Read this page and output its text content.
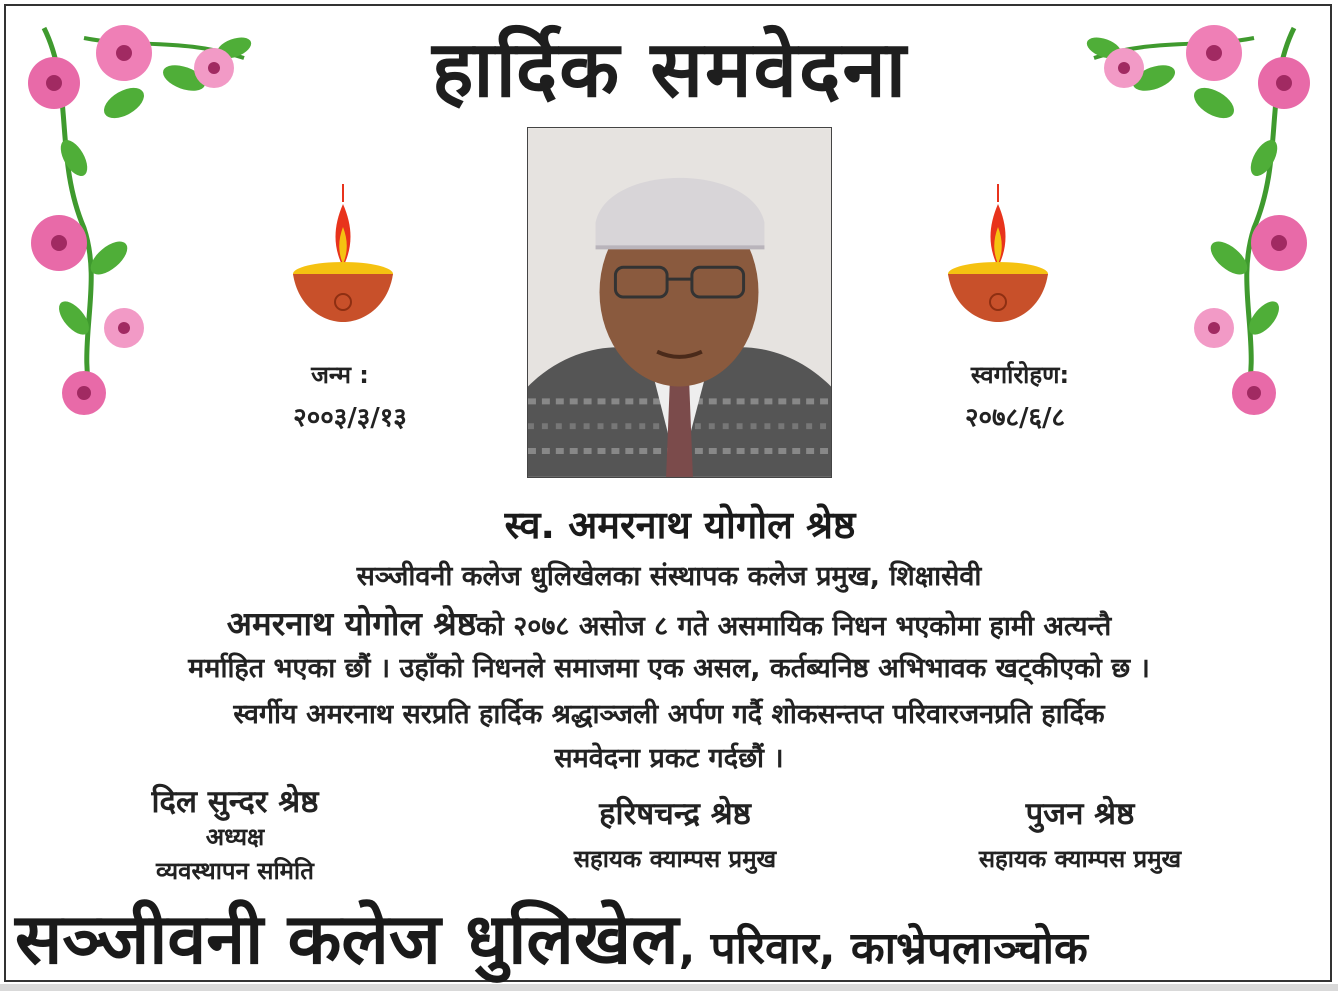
हार्दिक समवेदना
जन्म :
२००३/३/१३
स्वर्गारोहण:
२०७८/६/८
स्व. अमरनाथ योगोल श्रेष्ठ
सञ्जीवनी कलेज धुलिखेलका संस्थापक कलेज प्रमुख, शिक्षासेवी
अमरनाथ योगोल श्रेष्ठको २०७८ असोज ८ गते असमायिक निधन भएकोमा हामी अत्यन्तै
मर्माहित भएका छौं । उहाँको निधनले समाजमा एक असल, कर्तब्यनिष्ठ अभिभावक खट्कीएको छ ।
स्वर्गीय अमरनाथ सरप्रति हार्दिक श्रद्धाञ्जली अर्पण गर्दै शोकसन्तप्त परिवारजनप्रति हार्दिक
समवेदना प्रकट गर्दछौं ।
दिल सुन्दर श्रेष्ठ
अध्यक्ष
व्यवस्थापन समिति
हरिषचन्द्र श्रेष्ठ
सहायक क्याम्पस प्रमुख
पुजन श्रेष्ठ
सहायक क्याम्पस प्रमुख
सञ्जीवनी कलेज धुलिखेल, परिवार, काभ्रेपलाञ्चोक
